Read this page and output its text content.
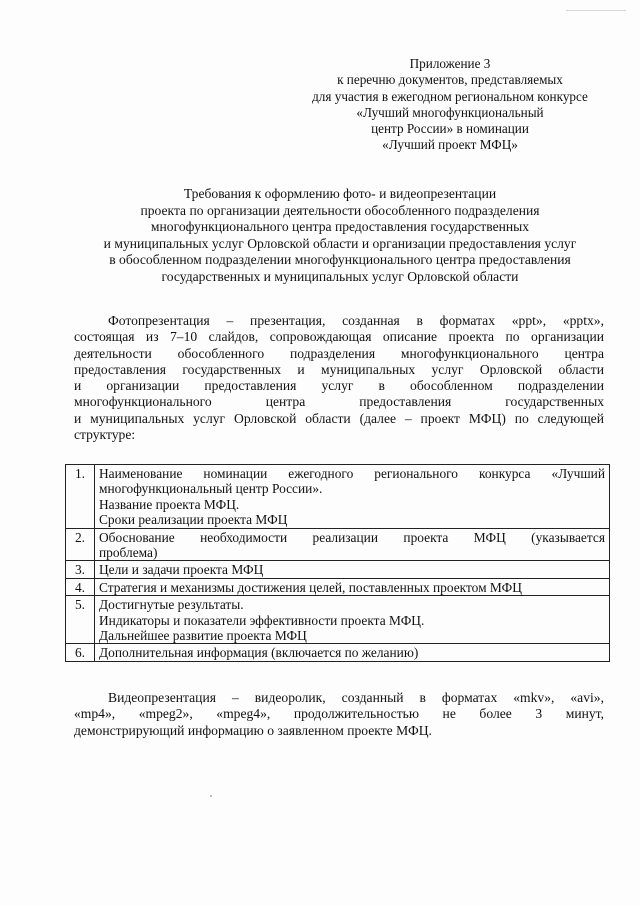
Приложение 3
к перечню документов, представляемых
для участия в ежегодном региональном конкурсе
«Лучший многофункциональный
центр России» в номинации
«Лучший проект МФЦ»
Требования к оформлению фото- и видеопрезентации
проекта по организации деятельности обособленного подразделения
многофункционального центра предоставления государственных
и муниципальных услуг Орловской области и организации предоставления услуг
в обособленном подразделении многофункционального центра предоставления
государственных и муниципальных услуг Орловской области
Фотопрезентация – презентация, созданная в форматах «ppt», «pptx»,
состоящая из 7–10 слайдов, сопровождающая описание проекта по организации
деятельности обособленного подразделения многофункционального центра
предоставления государственных и муниципальных услуг Орловской области
и организации предоставления услуг в обособленном подразделении
многофункционального центра предоставления государственных
и муниципальных услуг Орловской области (далее – проект МФЦ) по следующей
структуре:
1.	Наименование номинации ежегодного регионального конкурса «Лучший
многофункциональный центр России».
Название проекта МФЦ.
Сроки реализации проекта МФЦ

2.	Обоснование необходимости реализации проекта МФЦ (указывается
проблема)

3.	Цели и задачи проекта МФЦ

4.	Стратегия и механизмы достижения целей, поставленных проектом МФЦ

5.	Достигнутые результаты.
Индикаторы и показатели эффективности проекта МФЦ.
Дальнейшее развитие проекта МФЦ

6.	Дополнительная информация (включается по желанию)
Видеопрезентация – видеоролик, созданный в форматах «mkv», «avi»,
«mp4», «mpeg2», «mpeg4», продолжительностью не более 3 минут,
демонстрирующий информацию о заявленном проекте МФЦ.
